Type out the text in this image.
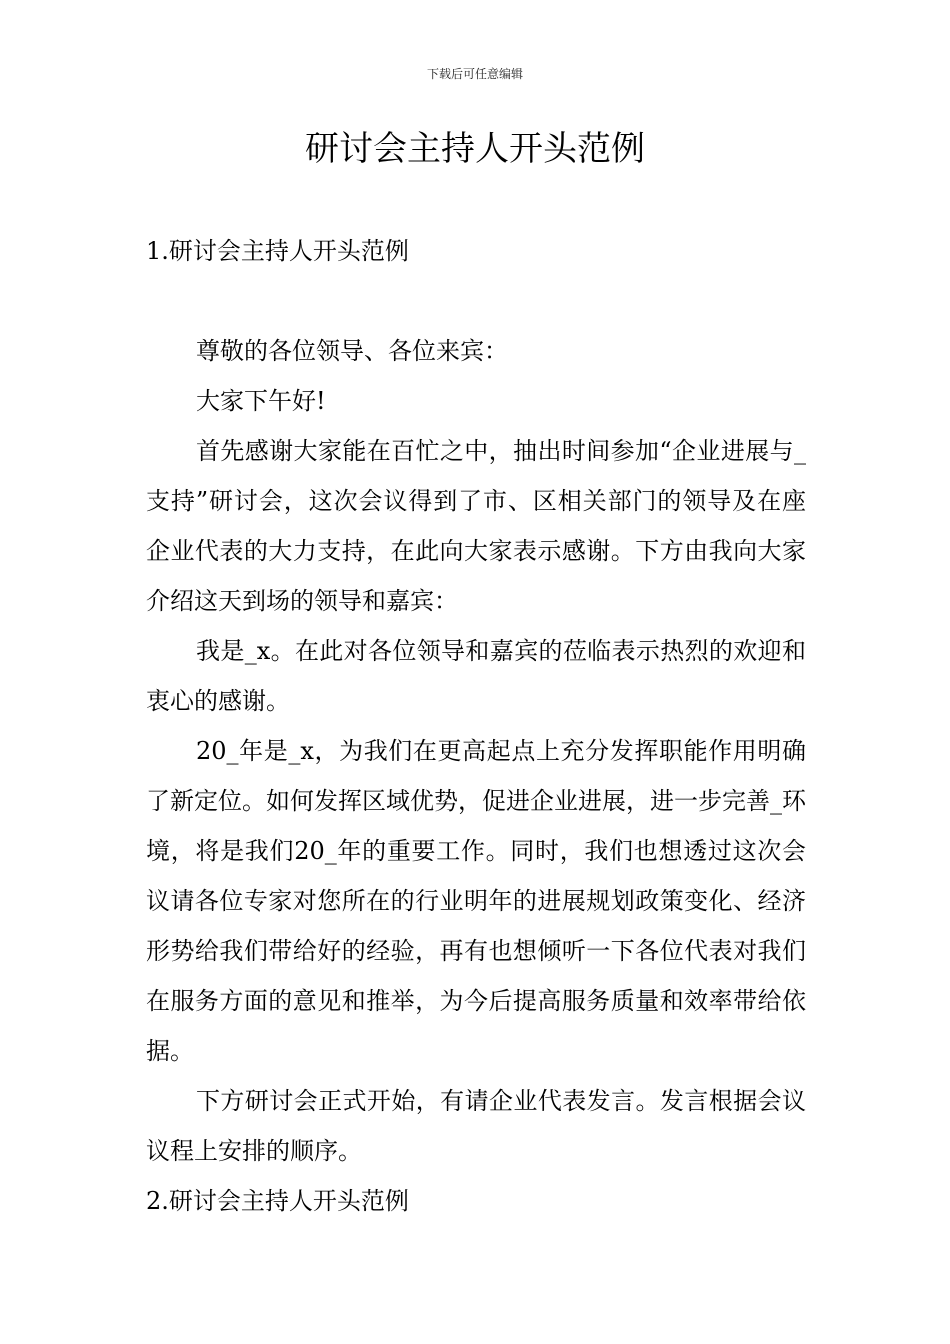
下载后可任意编辑
研讨会主持人开头范例
1.研讨会主持人开头范例

尊敬的各位领导、各位来宾：

大家下午好!

首先感谢大家能在百忙之中，抽出时间参加“企业进展与_支持”研讨会，这次会议得到了市、区相关部门的领导及在座企业代表的大力支持，在此向大家表示感谢。下方由我向大家介绍这天到场的领导和嘉宾：

我是_x。在此对各位领导和嘉宾的莅临表示热烈的欢迎和衷心的感谢。

20_年是_x，为我们在更高起点上充分发挥职能作用明确了新定位。如何发挥区域优势，促进企业进展，进一步完善_环境，将是我们20_年的重要工作。同时，我们也想透过这次会议请各位专家对您所在的行业明年的进展规划政策变化、经济形势给我们带给好的经验，再有也想倾听一下各位代表对我们在服务方面的意见和推举，为今后提高服务质量和效率带给依据。

下方研讨会正式开始，有请企业代表发言。发言根据会议议程上安排的顺序。

2.研讨会主持人开头范例
